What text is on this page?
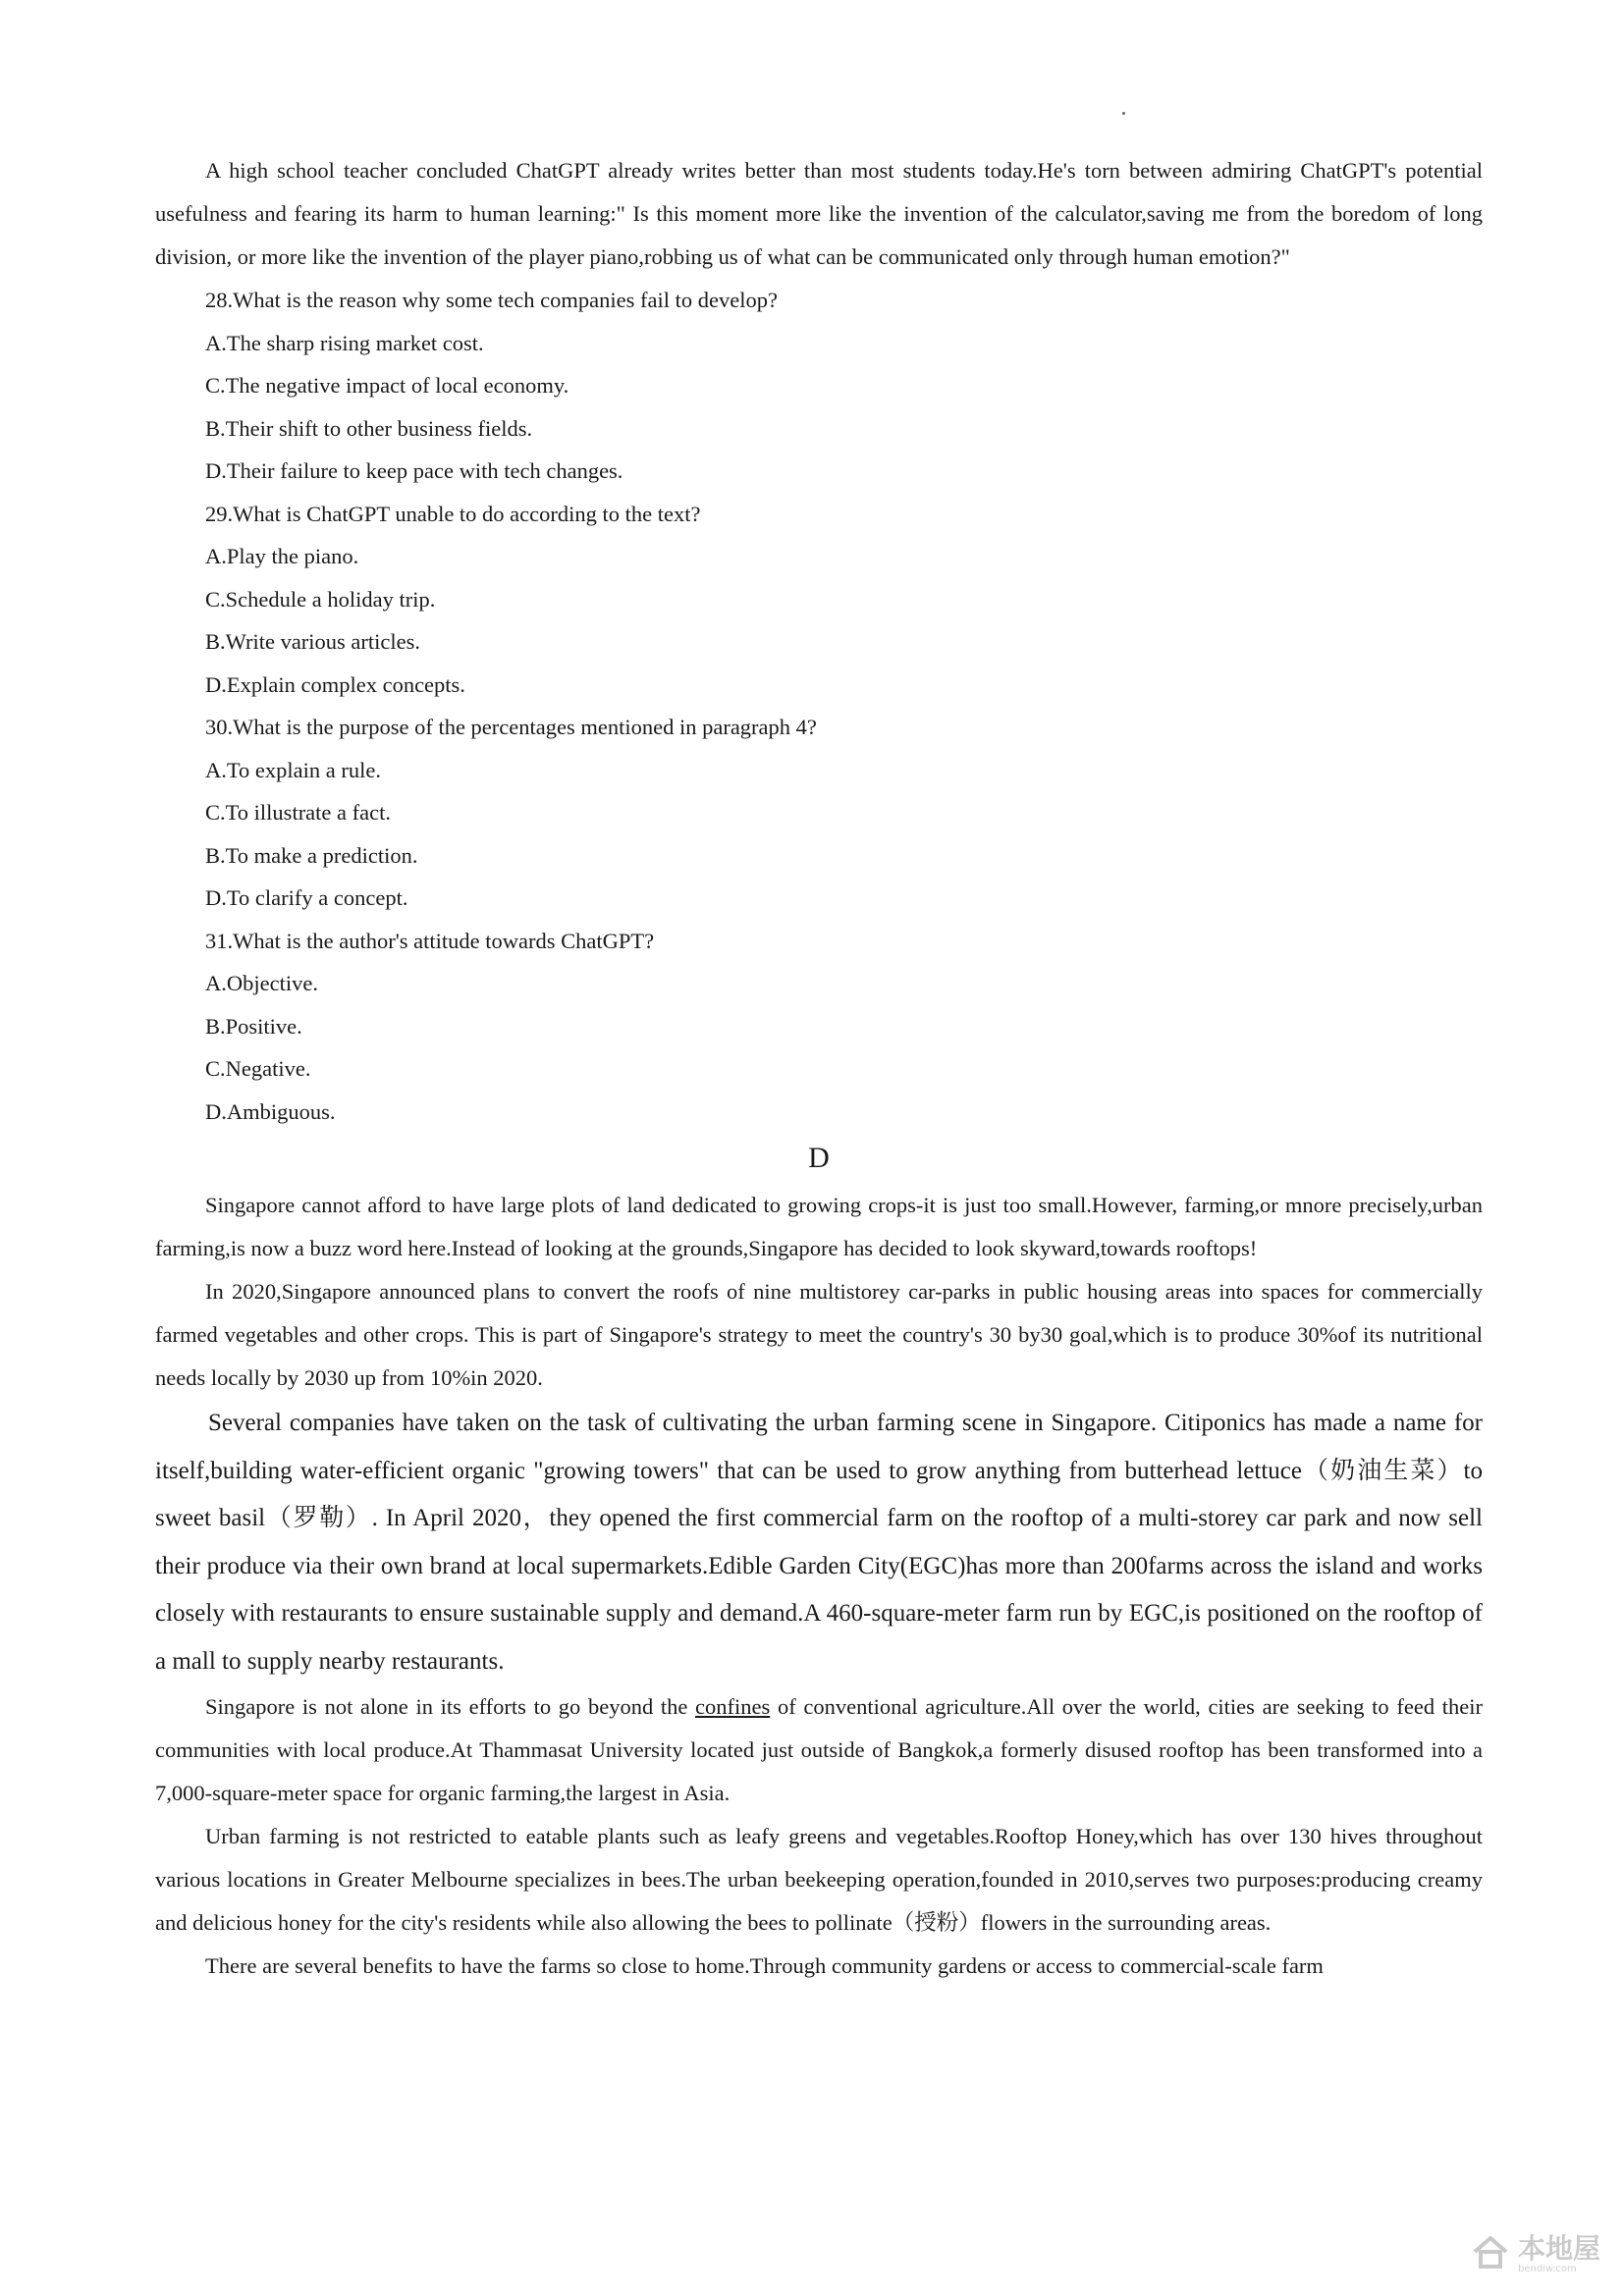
A high school teacher concluded ChatGPT already writes better than most students today.He's torn between admiring ChatGPT's potential usefulness and fearing its harm to human learning:" Is this moment more like the invention of the calculator,saving me from the boredom of long division, or more like the invention of the player piano,robbing us of what can be communicated only through human emotion?"

28.What is the reason why some tech companies fail to develop?

A.The sharp rising market cost.

C.The negative impact of local economy.

B.Their shift to other business fields.

D.Their failure to keep pace with tech changes.

29.What is ChatGPT unable to do according to the text?

A.Play the piano.

C.Schedule a holiday trip.

B.Write various articles.

D.Explain complex concepts.

30.What is the purpose of the percentages mentioned in paragraph 4?

A.To explain a rule.

C.To illustrate a fact.

B.To make a prediction.

D.To clarify a concept.

31.What is the author's attitude towards ChatGPT?

A.Objective.

B.Positive.

C.Negative.

D.Ambiguous.

D

Singapore cannot afford to have large plots of land dedicated to growing crops-it is just too small.However, farming,or mnore precisely,urban farming,is now a buzz word here.Instead of looking at the grounds,Singapore has decided to look skyward,towards rooftops!

In 2020,Singapore announced plans to convert the roofs of nine multistorey car-parks in public housing areas into spaces for commercially farmed vegetables and other crops. This is part of Singapore's strategy to meet the country's 30 by30 goal,which is to produce 30%of its nutritional needs locally by 2030 up from 10%in 2020.

Several companies have taken on the task of cultivating the urban farming scene in Singapore. Citiponics has made a name for itself,building water-efficient organic "growing towers" that can be used to grow anything from butterhead lettuce（奶油生菜）to sweet basil（罗勒）. In April 2020，they opened the first commercial farm on the rooftop of a multi-storey car park and now sell their produce via their own brand at local supermarkets.Edible Garden City(EGC)has more than 200farms across the island and works closely with restaurants to ensure sustainable supply and demand.A 460-square-meter farm run by EGC,is positioned on the rooftop of a mall to supply nearby restaurants.

Singapore is not alone in its efforts to go beyond the confines of conventional agriculture.All over the world, cities are seeking to feed their communities with local produce.At Thammasat University located just outside of Bangkok,a formerly disused rooftop has been transformed into a 7,000-square-meter space for organic farming,the largest in Asia.

Urban farming is not restricted to eatable plants such as leafy greens and vegetables.Rooftop Honey,which has over 130 hives throughout various locations in Greater Melbourne specializes in bees.The urban beekeeping operation,founded in 2010,serves two purposes:producing creamy and delicious honey for the city's residents while also allowing the bees to pollinate（授粉）flowers in the surrounding areas.

There are several benefits to have the farms so close to home.Through community gardens or access to commercial-scale farm

本地屋
bendiw.com
